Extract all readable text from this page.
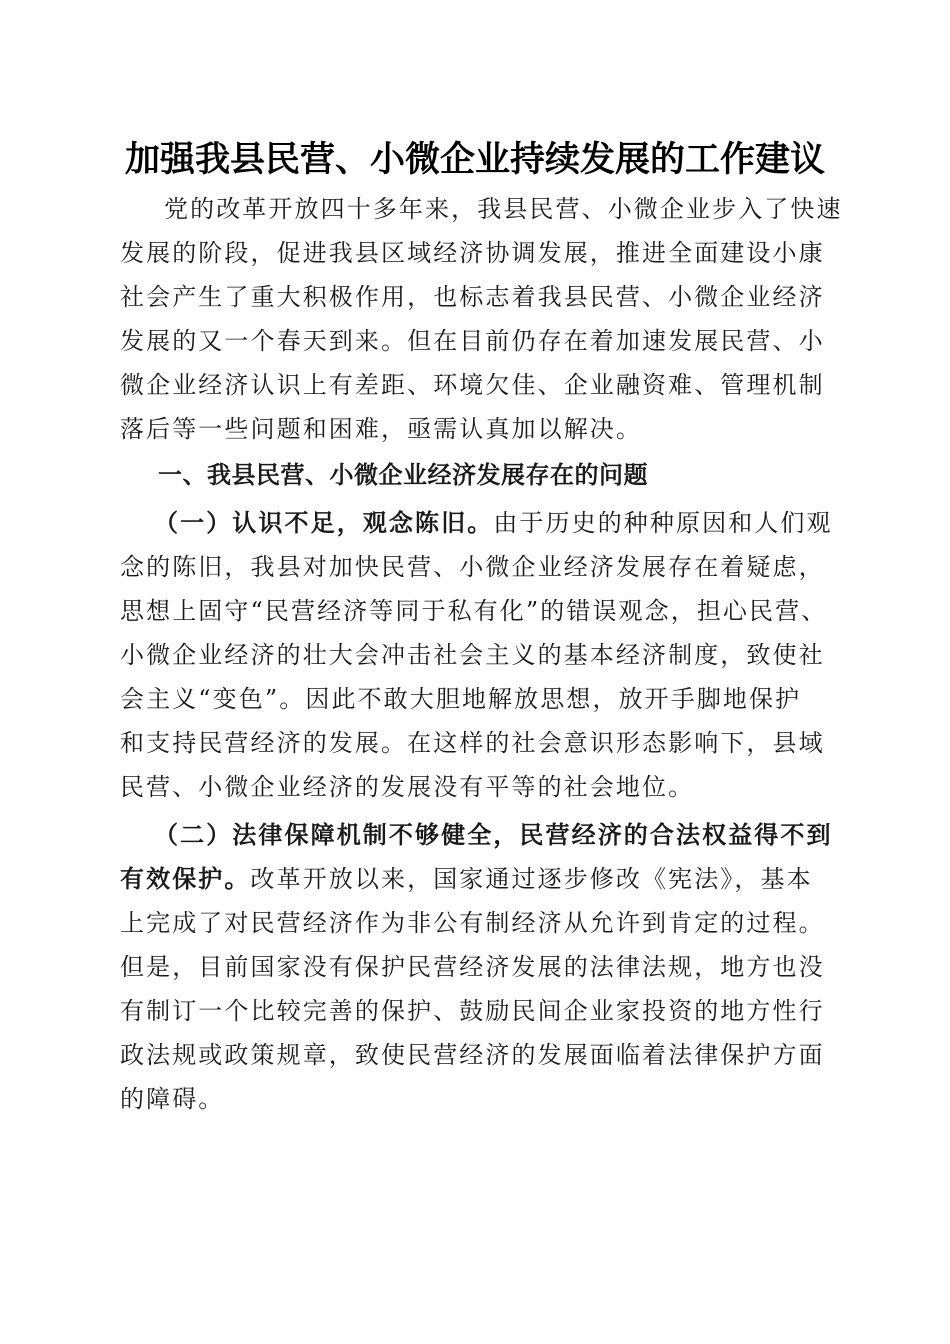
加强我县民营、小微企业持续发展的工作建议
党的改革开放四十多年来，我县民营、小微企业步入了快速
发展的阶段，促进我县区域经济协调发展，推进全面建设小康
社会产生了重大积极作用，也标志着我县民营、小微企业经济
发展的又一个春天到来。但在目前仍存在着加速发展民营、小
微企业经济认识上有差距、环境欠佳、企业融资难、管理机制
落后等一些问题和困难，亟需认真加以解决。
一、我县民营、小微企业经济发展存在的问题
（一）认识不足，观念陈旧。由于历史的种种原因和人们观
念的陈旧，我县对加快民营、小微企业经济发展存在着疑虑，
思想上固守“民营经济等同于私有化”的错误观念，担心民营、
小微企业经济的壮大会冲击社会主义的基本经济制度，致使社
会主义“变色”。因此不敢大胆地解放思想，放开手脚地保护
和支持民营经济的发展。在这样的社会意识形态影响下，县域
民营、小微企业经济的发展没有平等的社会地位。
（二）法律保障机制不够健全，民营经济的合法权益得不到
有效保护。改革开放以来，国家通过逐步修改《宪法》，基本
上完成了对民营经济作为非公有制经济从允许到肯定的过程。
但是，目前国家没有保护民营经济发展的法律法规，地方也没
有制订一个比较完善的保护、鼓励民间企业家投资的地方性行
政法规或政策规章，致使民营经济的发展面临着法律保护方面
的障碍。
